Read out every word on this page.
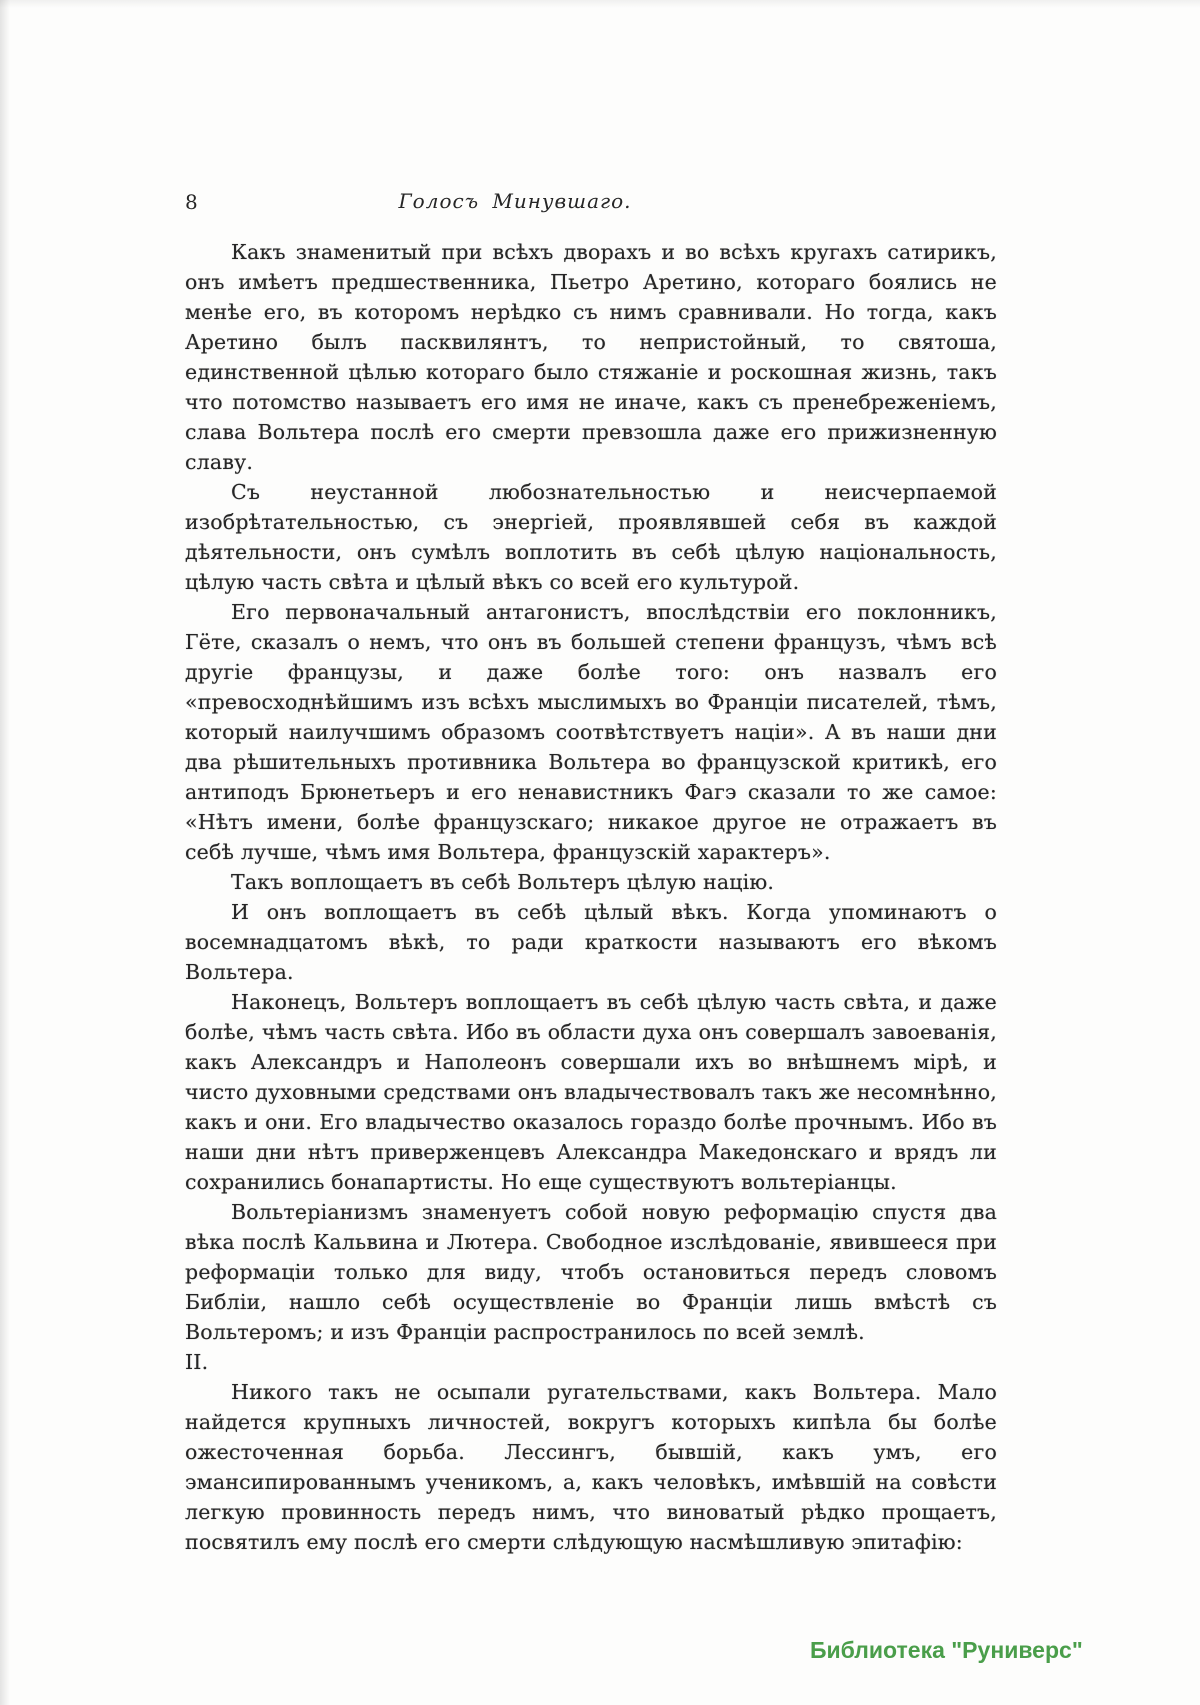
8	Голосъ Минувшаго.

Какъ знаменитый при всѣхъ дворахъ и во всѣхъ кругахъ сатирикъ, онъ имѣетъ предшественника, Пьетро Аретино, котораго боялись не менѣе его, въ которомъ нерѣдко съ нимъ сравнивали. Но тогда, какъ Аретино былъ пасквилянтъ, то непристойный, то святоша, единственной цѣлью котораго было стяжаніе и роскошная жизнь, такъ что потомство называетъ его имя не иначе, какъ съ пренебреженіемъ, слава Вольтера послѣ его смерти превзошла даже его прижизненную славу.

Съ неустанной любознательностью и неисчерпаемой изобрѣтательностью, съ энергіей, проявлявшей себя въ каждой дѣятельности, онъ сумѣлъ воплотить въ себѣ цѣлую національность, цѣлую часть свѣта и цѣлый вѣкъ со всей его культурой.

Его первоначальный антагонистъ, впослѣдствіи его поклонникъ, Гёте, сказалъ о немъ, что онъ въ большей степени французъ, чѣмъ всѣ другіе французы, и даже болѣе того: онъ назвалъ его «превосходнѣйшимъ изъ всѣхъ мыслимыхъ во Франціи писателей, тѣмъ, который наилучшимъ образомъ соотвѣтствуетъ націи». А въ наши дни два рѣшительныхъ противника Вольтера во французской критикѣ, его антиподъ Брюнетьеръ и его ненавистникъ Фагэ сказали то же самое: «Нѣтъ имени, болѣе французскаго; никакое другое не отражаетъ въ себѣ лучше, чѣмъ имя Вольтера, французскій характеръ».

Такъ воплощаетъ въ себѣ Вольтеръ цѣлую націю.

И онъ воплощаетъ въ себѣ цѣлый вѣкъ. Когда упоминаютъ о восемнадцатомъ вѣкѣ, то ради краткости называютъ его вѣкомъ Вольтера.

Наконецъ, Вольтеръ воплощаетъ въ себѣ цѣлую часть свѣта, и даже болѣе, чѣмъ часть свѣта. Ибо въ области духа онъ совершалъ завоеванія, какъ Александръ и Наполеонъ совершали ихъ во внѣшнемъ мірѣ, и чисто духовными средствами онъ владычествовалъ такъ же несомнѣнно, какъ и они. Его владычество оказалось гораздо болѣе прочнымъ. Ибо въ наши дни нѣтъ приверженцевъ Александра Македонскаго и врядъ ли сохранились бонапартисты. Но еще существуютъ вольтеріанцы.

Вольтеріанизмъ знаменуетъ собой новую реформацію спустя два вѣка послѣ Кальвина и Лютера. Свободное изслѣдованіе, явившееся при реформаціи только для виду, чтобъ остановиться передъ словомъ Библіи, нашло себѣ осуществленіе во Франціи лишь вмѣстѣ съ Вольтеромъ; и изъ Франціи распространилось по всей землѣ.

II.

Никого такъ не осыпали ругательствами, какъ Вольтера. Мало найдется крупныхъ личностей, вокругъ которыхъ кипѣла бы болѣе ожесточенная борьба. Лессингъ, бывшій, какъ умъ, его эмансипированнымъ ученикомъ, а, какъ человѣкъ, имѣвшій на совѣсти легкую провинность передъ нимъ, что виноватый рѣдко прощаетъ, посвятилъ ему послѣ его смерти слѣдующую насмѣшливую эпитафію:

Библиотека "Руниверс"
